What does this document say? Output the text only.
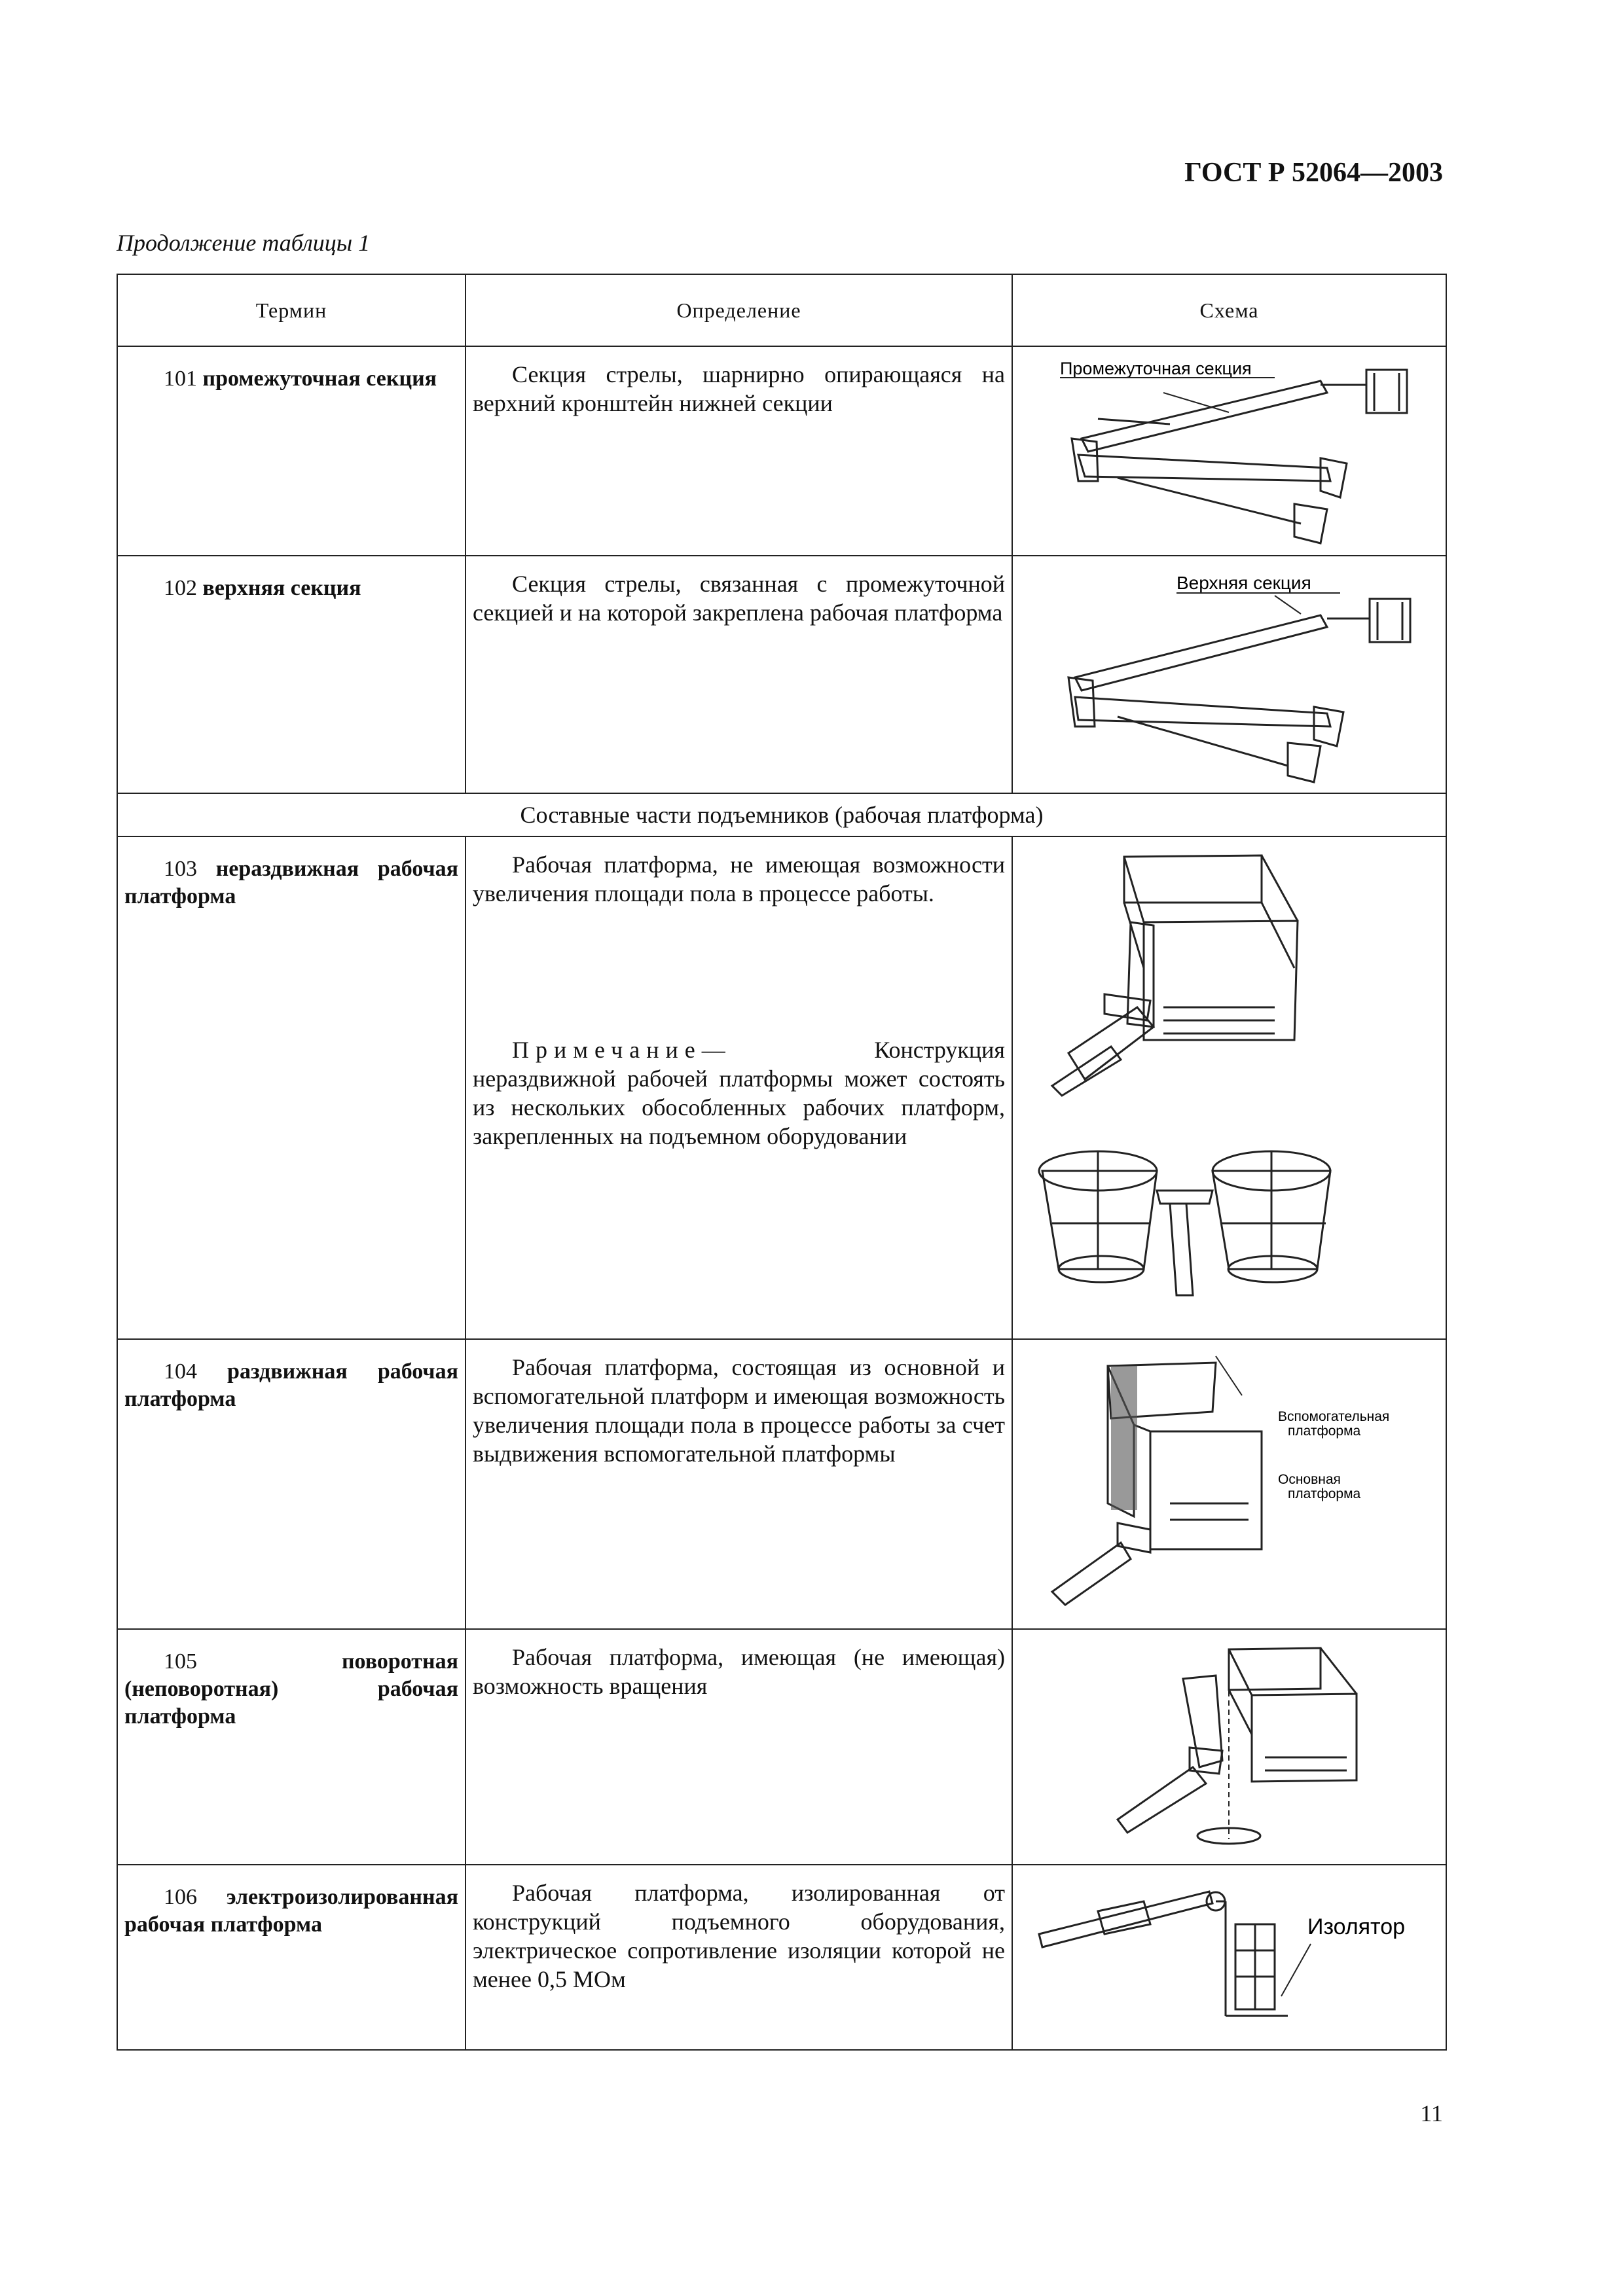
ГОСТ Р 52064—2003
Продолжение таблицы 1
Термин	Определение	Схема

101 промежуточная секция	Секция стрелы, шарнирно опирающаяся на верхний кронштейн нижней секции	Промежуточная секция

102 верхняя секция	Секция стрелы, связанная с промежуточной секцией и на которой закреплена рабочая платформа	Верхняя секция

Составные части подъемников (рабочая платформа)		

103 нераздвижная рабочая платформа	Рабочая платформа, не имеющая возможности увеличения площади пола в процессе работы.
Примечание— Конструкция нераздвижной рабочей платформы может состоять из нескольких обособленных рабочих платформ, закрепленных на подъемном оборудовании

104 раздвижная рабочая платформа	Рабочая платформа, состоящая из основной и вспомогательной платформ и имеющая возможность увеличения площади пола в процессе работы за счет выдвижения вспомогательной платформы	Вспомогательная
платформа
Основная
платформа

105 поворотная (неповоротная) рабочая платформа	Рабочая платформа, имеющая (не имеющая) возможность вращения

106 электроизолированная рабочая платформа	Рабочая платформа, изолированная от конструкций подъемного оборудования, электрическое сопротивление изоляции которой не менее 0,5 МОм	Изолятор
11
